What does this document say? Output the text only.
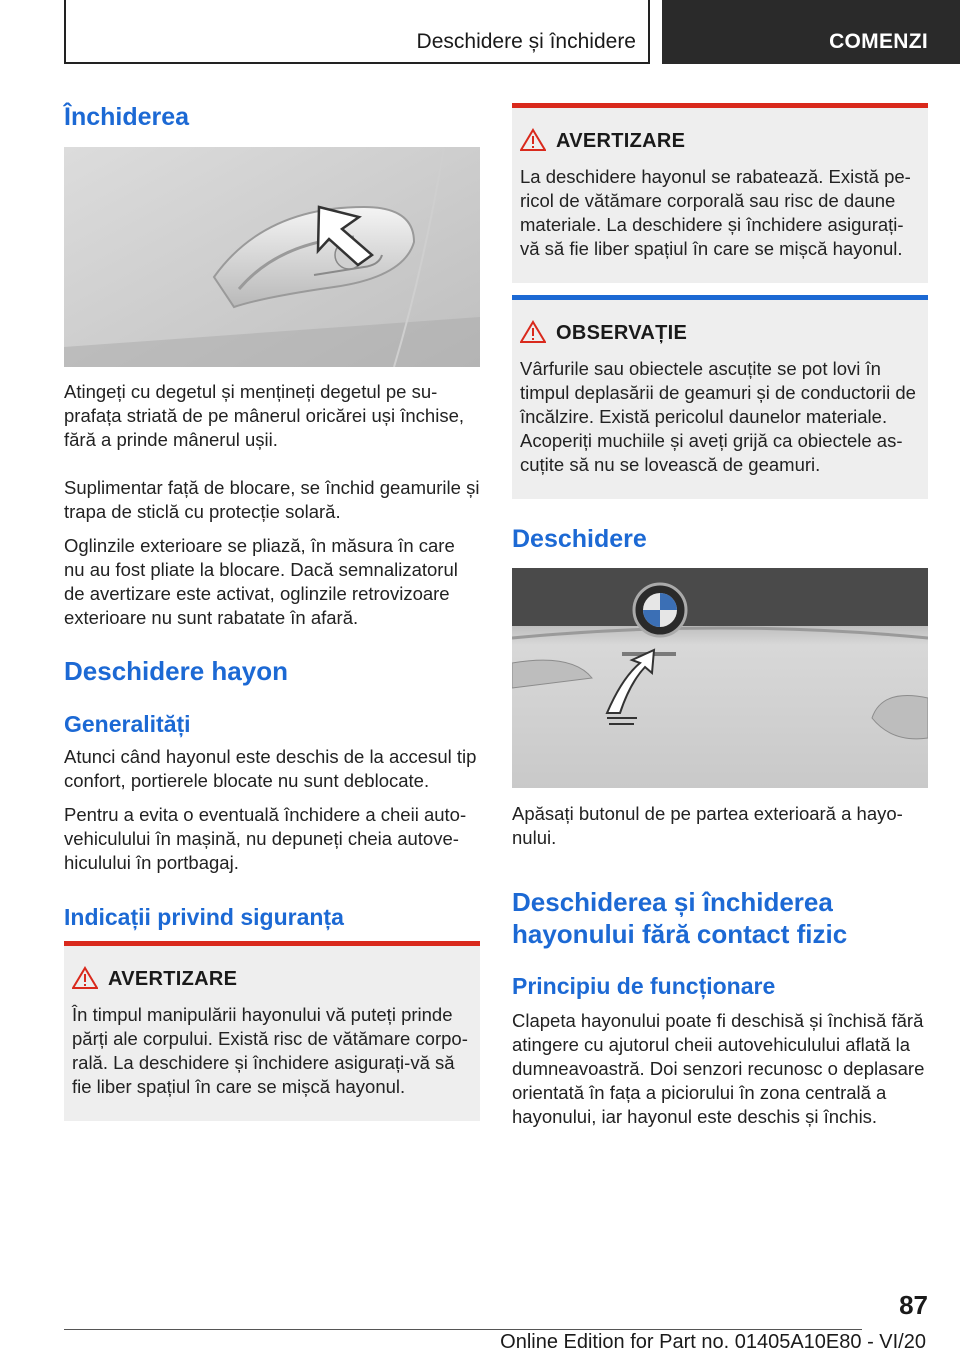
Deschidere și închidere	COMENZI
Închiderea

Atingeți cu degetul și mențineți degetul pe suprafața striată de pe mânerul oricărei uși închise, fără a prinde mânerul ușii.

Suplimentar față de blocare, se închid geamurile și trapa de sticlă cu protecție solară.

Oglinzile exterioare se pliază, în măsura în care nu au fost pliate la blocare. Dacă semnalizatorul de avertizare este activat, oglinzile retrovizoare exterioare nu sunt rabatate în afară.

Deschidere hayon
Generalități

Atunci când hayonul este deschis de la accesul tip confort, portierele blocate nu sunt deblocate.

Pentru a evita o eventuală închidere a cheii autovehiculului în mașină, nu depuneți cheia autovehiculului în portbagaj.

Indicații privind siguranța
AVERTIZARE
În timpul manipulării hayonului vă puteți prinde părți ale corpului. Există risc de vătămare corporală. La deschidere și închidere asigurați-vă să fie liber spațiul în care se mișcă hayonul.
AVERTIZARE
La deschidere hayonul se rabatează. Există pericol de vătămare corporală sau risc de daune materiale. La deschidere și închidere asigurați-vă să fie liber spațiul în care se mișcă hayonul.
OBSERVAȚIE
Vârfurile sau obiectele ascuțite se pot lovi în timpul deplasării de geamuri și de conductorii de încălzire. Există pericolul daunelor materiale. Acoperiți muchiile și aveți grijă ca obiectele ascuțite să nu se lovească de geamuri.
Deschidere

Apăsați butonul de pe partea exterioară a hayonului.

Deschiderea și închiderea hayonului fără contact fizic
Principiu de funcționare

Clapeta hayonului poate fi deschisă și închisă fără atingere cu ajutorul cheii autovehiculului aflată la dumneavoastră. Doi senzori recunosc o deplasare orientată în fața a piciorului în zona centrală a hayonului, iar hayonul este deschis și închis.

87
Online Edition for Part no. 01405A10E80 - VI/20
